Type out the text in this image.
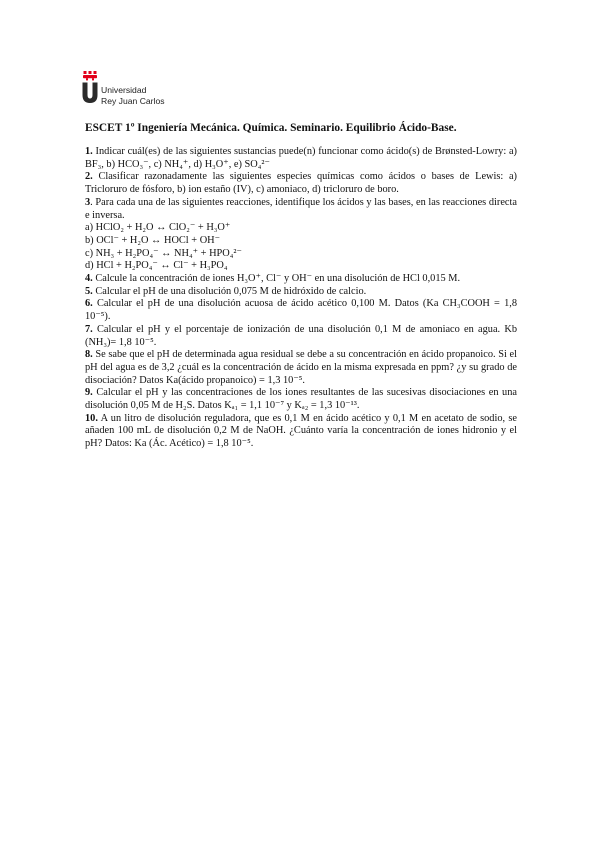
Universidad
Rey Juan Carlos
ESCET 1º Ingeniería Mecánica. Química. Seminario. Equilibrio Ácido-Base.
1. Indicar cuál(es) de las siguientes sustancias puede(n) funcionar como ácido(s) de Brønsted-Lowry: a) BF₃, b) HCO₃⁻, c) NH₄⁺, d) H₃O⁺, e) SO₄²⁻
2. Clasificar razonadamente las siguientes especies químicas como ácidos o bases de Lewis: a) Tricloruro de fósforo, b) ion estaño (IV), c) amoniaco, d) tricloruro de boro.
3. Para cada una de las siguientes reacciones, identifique los ácidos y las bases, en las reacciones directa e inversa.
a) HClO₂ + H₂O ↔ ClO₂⁻ + H₃O⁺
b) OCl⁻ + H₂O ↔ HOCl + OH⁻
c) NH₃ + H₂PO₄⁻ ↔ NH₄⁺ + HPO₄²⁻
d) HCl + H₂PO₄⁻ ↔ Cl⁻ + H₃PO₄
4. Calcule la concentración de iones H₃O⁺, Cl⁻ y OH⁻ en una disolución de HCl 0,015 M.
5. Calcular el pH de una disolución 0,075 M de hidróxido de calcio.
6. Calcular el pH de una disolución acuosa de ácido acético 0,100 M. Datos (Ka CH₃COOH = 1,8 10⁻⁵).
7. Calcular el pH y el porcentaje de ionización de una disolución 0,1 M de amoniaco en agua. Kb (NH₃)= 1,8 10⁻⁵.
8. Se sabe que el pH de determinada agua residual se debe a su concentración en ácido propanoico. Si el pH del agua es de 3,2 ¿cuál es la concentración de ácido en la misma expresada en ppm? ¿y su grado de disociación? Datos Ka(ácido propanoico) = 1,3 10⁻⁵.
9. Calcular el pH y las concentraciones de los iones resultantes de las sucesivas disociaciones en una disolución 0,05 M de H₂S. Datos Kₐ₁ = 1,1 10⁻⁷ y Kₐ₂ = 1,3 10⁻¹³.
10. A un litro de disolución reguladora, que es 0,1 M en ácido acético y 0,1 M en acetato de sodio, se añaden 100 mL de disolución 0,2 M de NaOH. ¿Cuánto varía la concentración de iones hidronio y el pH? Datos: Ka (Ác. Acético) = 1,8 10⁻⁵.
